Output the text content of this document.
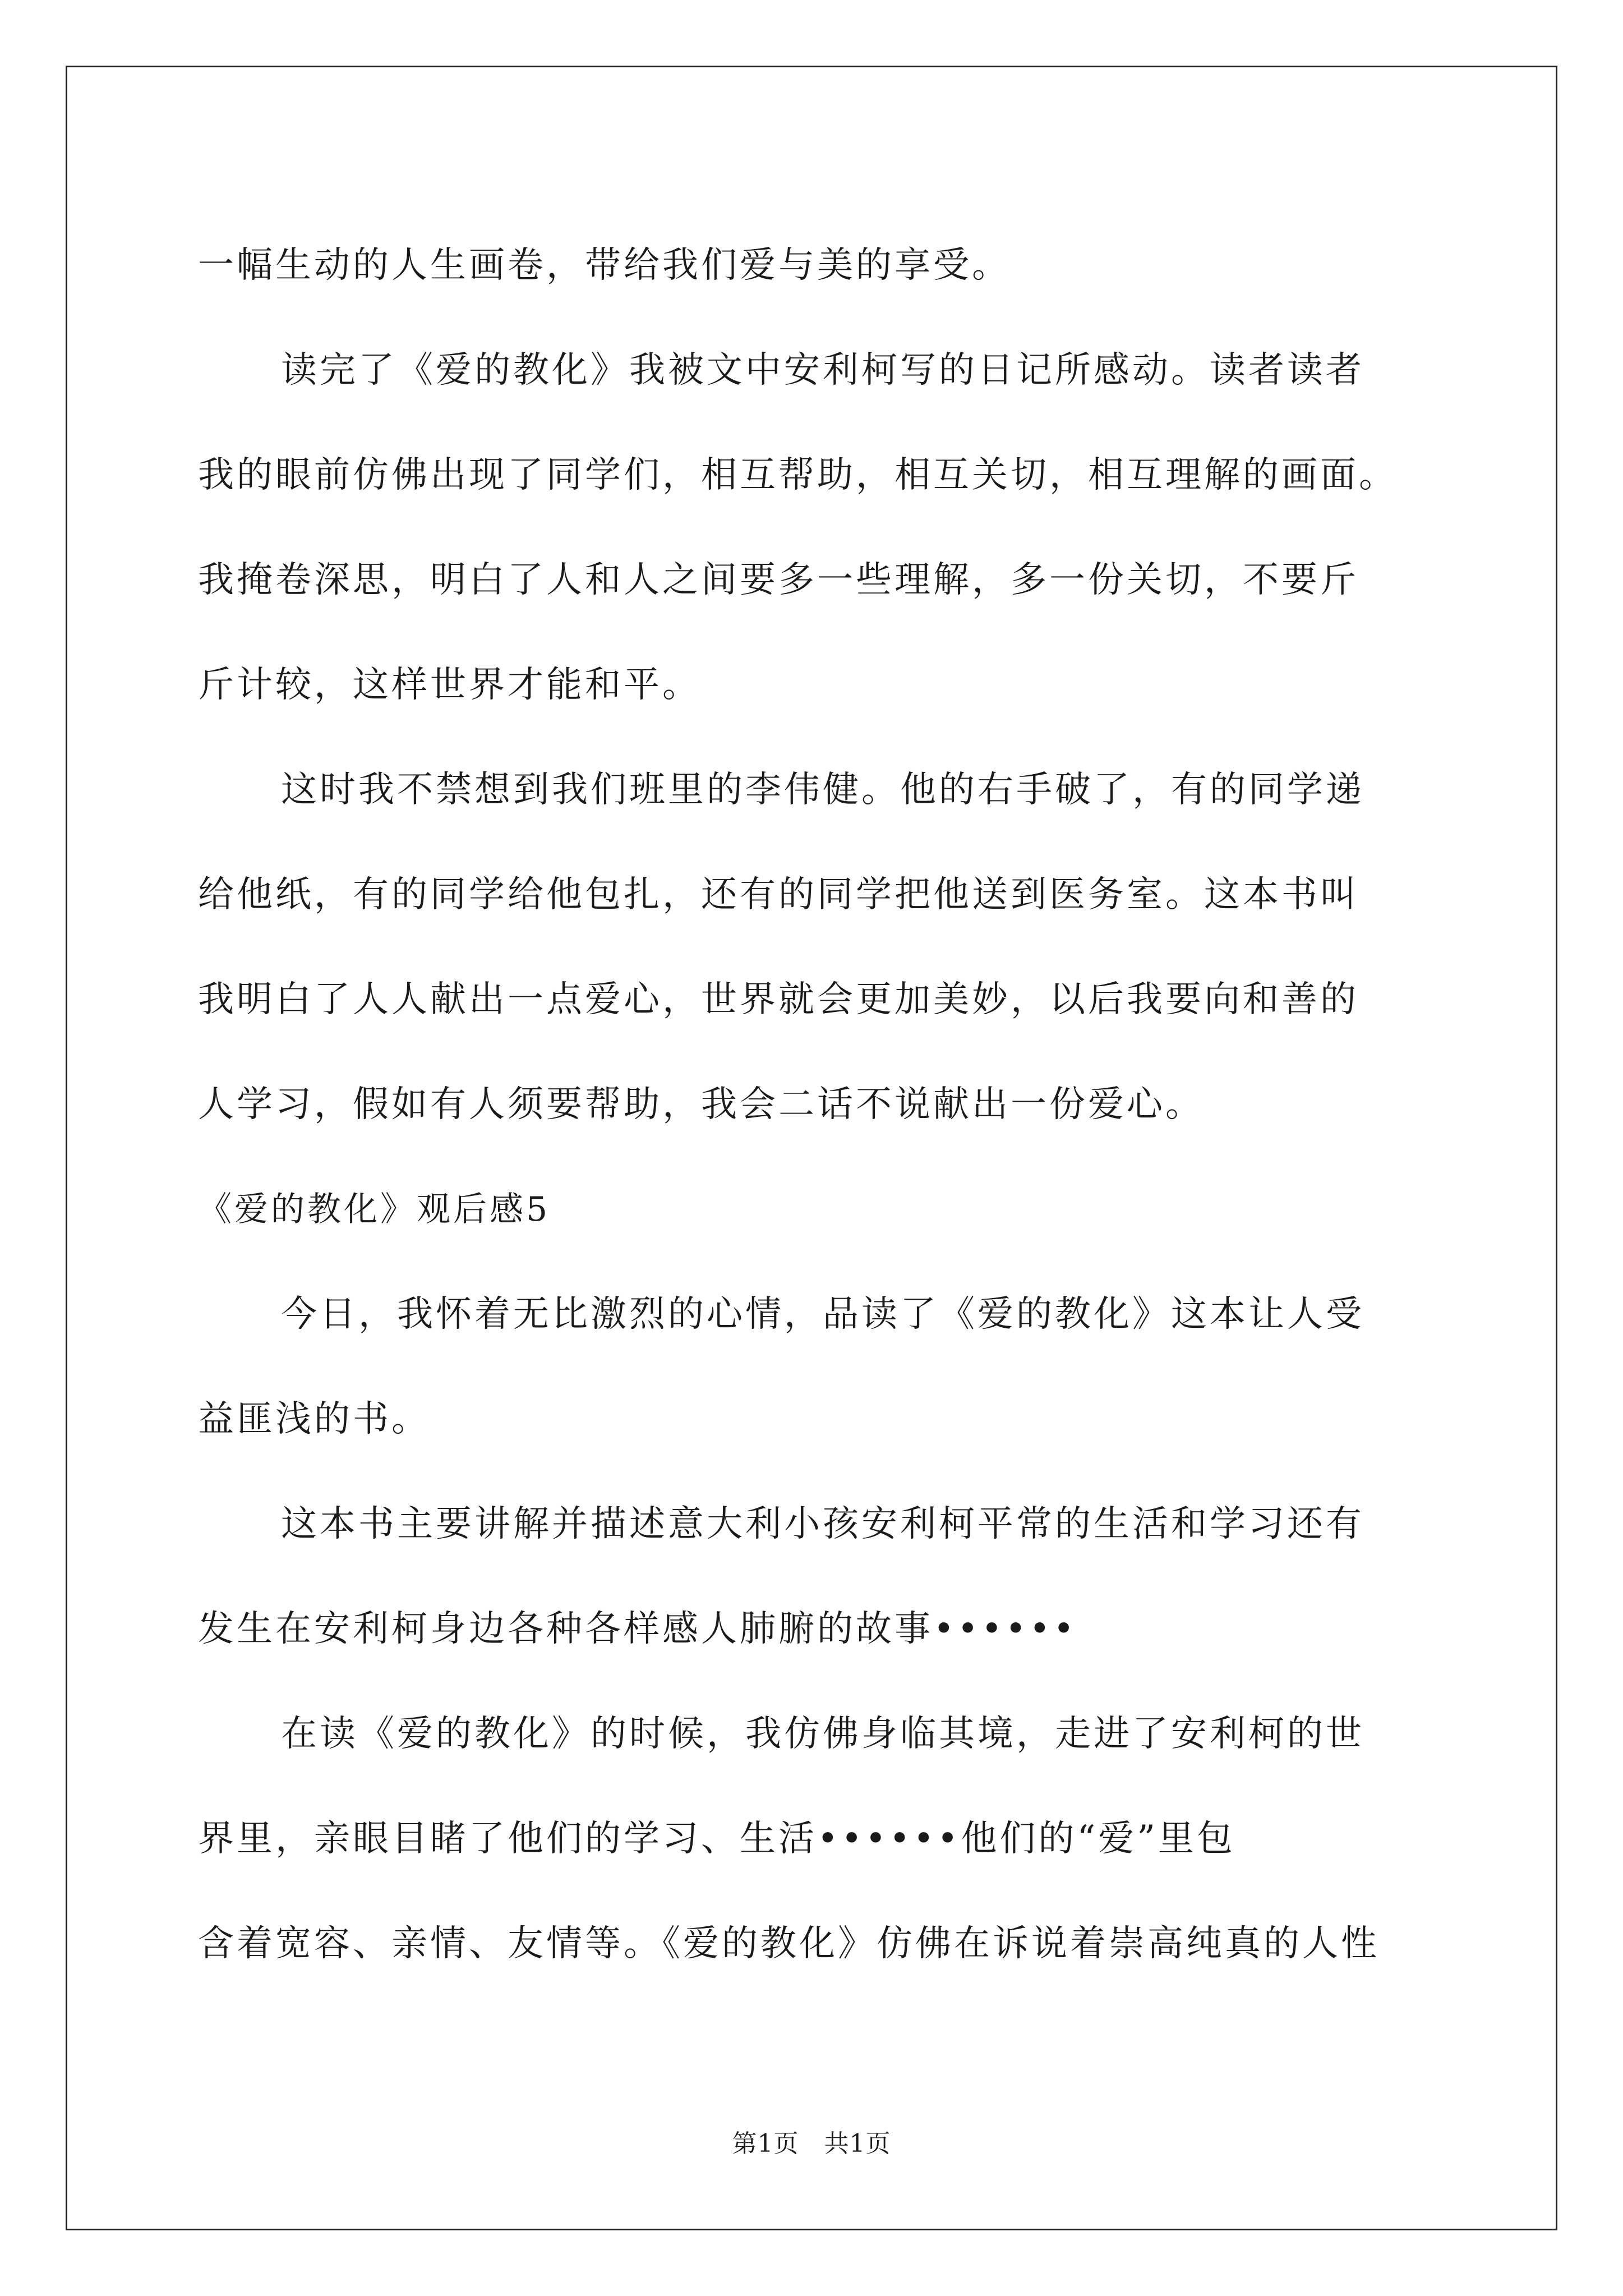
一幅生动的人生画卷，带给我们爱与美的享受。
读完了《爱的教化》我被文中安利柯写的日记所感动。读者读者
我的眼前仿佛出现了同学们，相互帮助，相互关切，相互理解的画面。
我掩卷深思，明白了人和人之间要多一些理解，多一份关切，不要斤
斤计较，这样世界才能和平。
这时我不禁想到我们班里的李伟健。他的右手破了，有的同学递
给他纸，有的同学给他包扎，还有的同学把他送到医务室。这本书叫
我明白了人人献出一点爱心，世界就会更加美妙，以后我要向和善的
人学习，假如有人须要帮助，我会二话不说献出一份爱心。
《爱的教化》观后感5
今日，我怀着无比激烈的心情，品读了《爱的教化》这本让人受
益匪浅的书。
这本书主要讲解并描述意大利小孩安利柯平常的生活和学习还有
发生在安利柯身边各种各样感人肺腑的故事••••••
在读《爱的教化》的时候，我仿佛身临其境，走进了安利柯的世
界里，亲眼目睹了他们的学习、生活••••••他们的“爱”里包
含着宽容、亲情、友情等。《爱的教化》仿佛在诉说着崇高纯真的人性
第1页　共1页
